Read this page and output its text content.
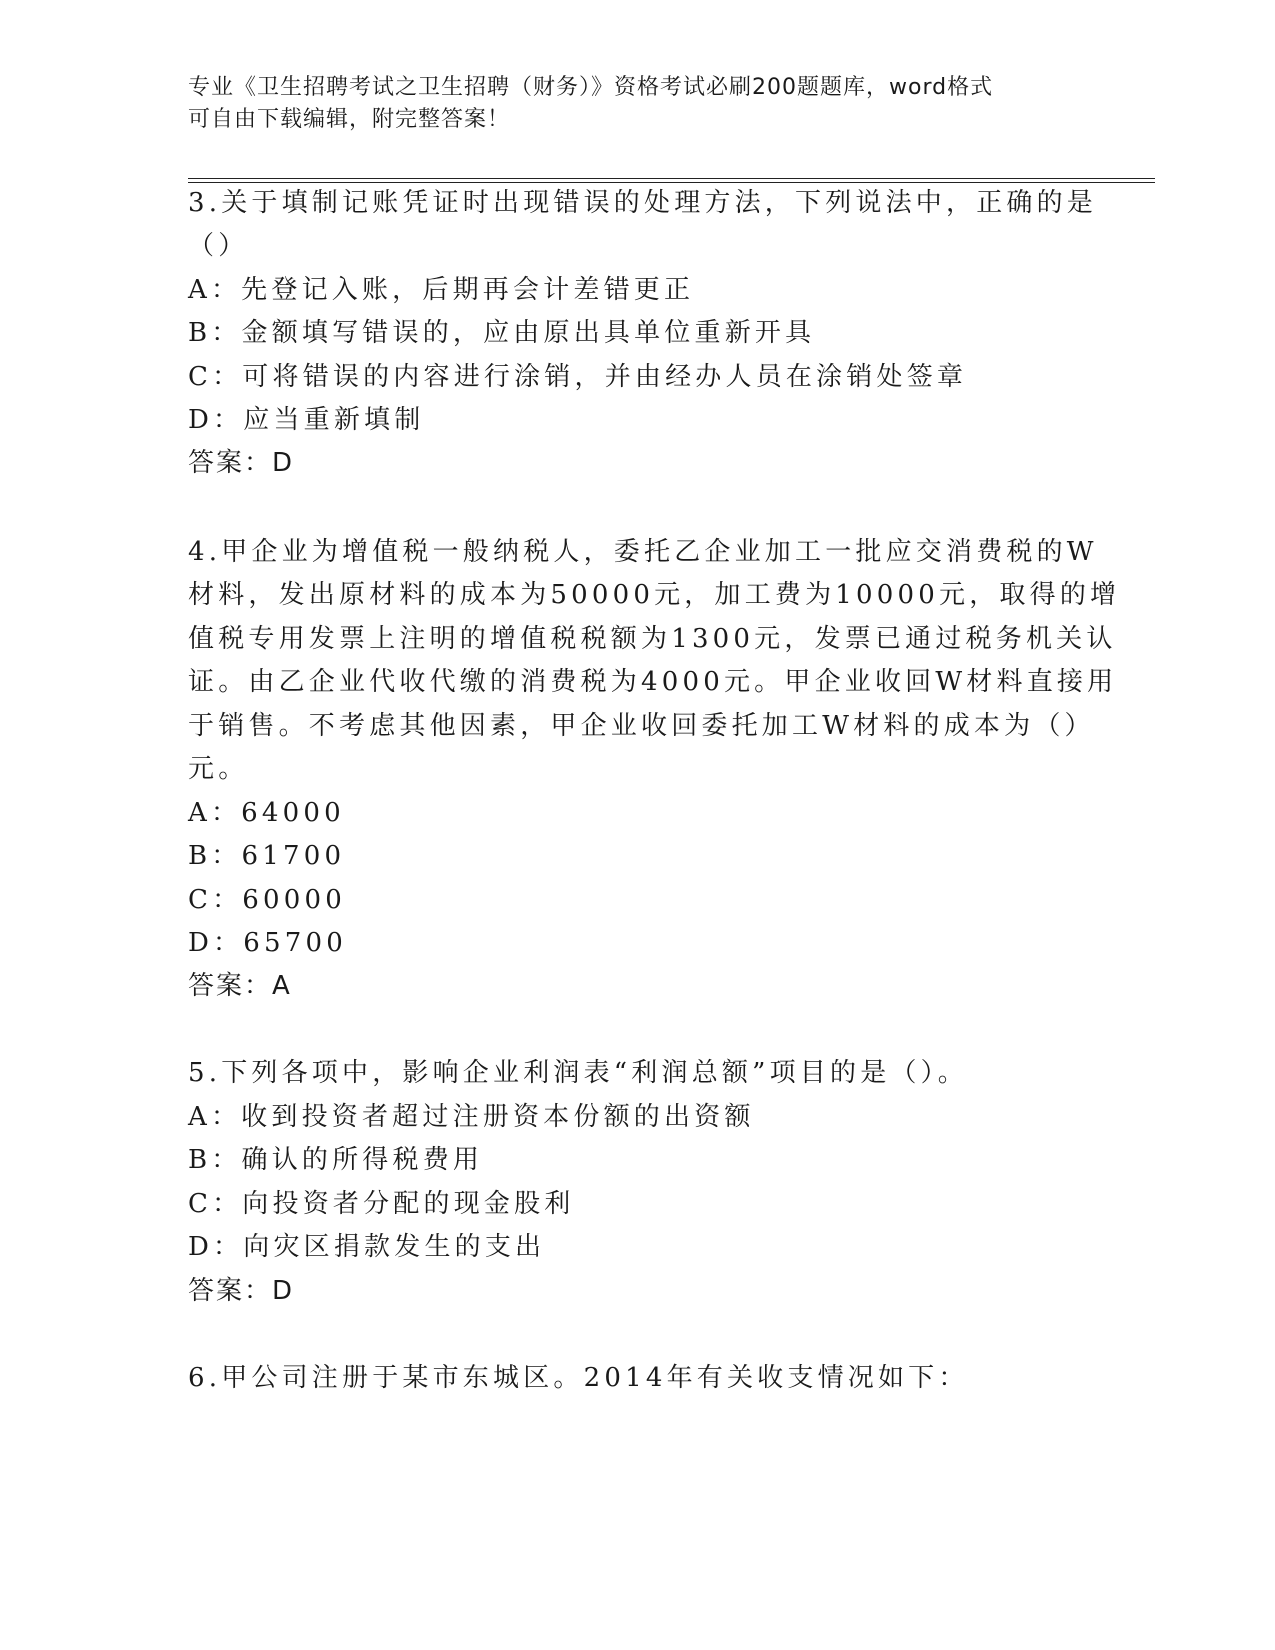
专业《卫生招聘考试之卫生招聘（财务）》资格考试必刷200题题库，word格式
可自由下载编辑，附完整答案！
3.关于填制记账凭证时出现错误的处理方法，下列说法中，正确的是
（）
A：先登记入账，后期再会计差错更正
B：金额填写错误的，应由原出具单位重新开具
C：可将错误的内容进行涂销，并由经办人员在涂销处签章
D：应当重新填制
答案：D
4.甲企业为增值税一般纳税人，委托乙企业加工一批应交消费税的W
材料，发出原材料的成本为50000元，加工费为10000元，取得的增
值税专用发票上注明的增值税税额为1300元，发票已通过税务机关认
证。由乙企业代收代缴的消费税为4000元。甲企业收回W材料直接用
于销售。不考虑其他因素，甲企业收回委托加工W材料的成本为（）
元。
A：64000
B：61700
C：60000
D：65700
答案：A
5.下列各项中，影响企业利润表“利润总额”项目的是（）。
A：收到投资者超过注册资本份额的出资额
B：确认的所得税费用
C：向投资者分配的现金股利
D：向灾区捐款发生的支出
答案：D
6.甲公司注册于某市东城区。2014年有关收支情况如下：
